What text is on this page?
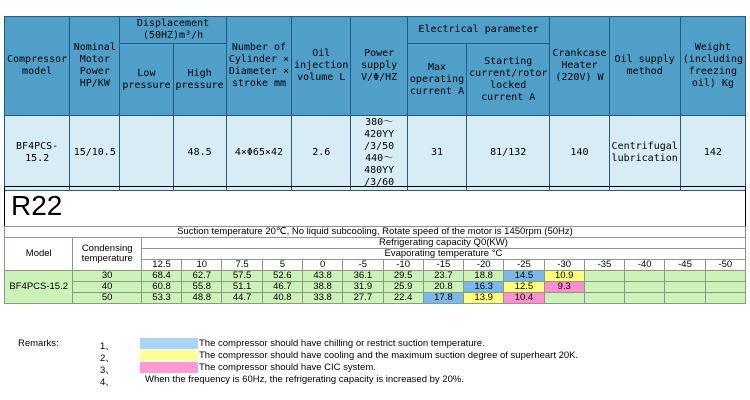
Compressor model	Nominal Motor Power HP/KW	Displacement (50HZ)m³/h		Number of Cylinder × Diameter × stroke mm	Oil injection volume L	Power supply V/Φ/HZ	Electrical parameter		Crankcase Heater (220V) W	Oil supply method	Weight (including freezing oil) Kg
		Low pressure	High pressure				Max operating current A	Starting current/rotor locked current A			
BF4PCS-15.2	15/10.5		48.5	4×Φ65×42	2.6	380～420YY /3/50 440～480YY /3/60	31	81/132	140	Centrifugal lubrication	142
R22
Suction temperature 20℃, No liquid subcooling, Rotate speed of the motor is 1450rpm (50Hz)																
Model	Condensing temperature	Refrigerating capacity Q0(KW)														
		Evaporating temperature °C														
		12.5	10	7.5	5	0	-5	-10	-15	-20	-25	-30	-35	-40	-45	-50
BF4PCS-15.2	30	68.4	62.7	57.5	52.6	43.8	36.1	29.5	23.7	18.8	14.5	10.9				
	40	60.8	55.8	51.1	46.7	38.8	31.9	25.9	20.8	16.3	12.5	9.3				
	50	53.3	48.8	44.7	40.8	33.8	27.7	22.4	17.8	13.9	10.4					
Remarks:	1、	The compressor should have chilling or restrict suction temperature.
2、	The compressor should have cooling and the maximum suction degree of superheart 20K.
3、	The compressor should have CIC system.
4、	When the frequency is 60Hz, the refrigerating capacity is increased by 20%.
